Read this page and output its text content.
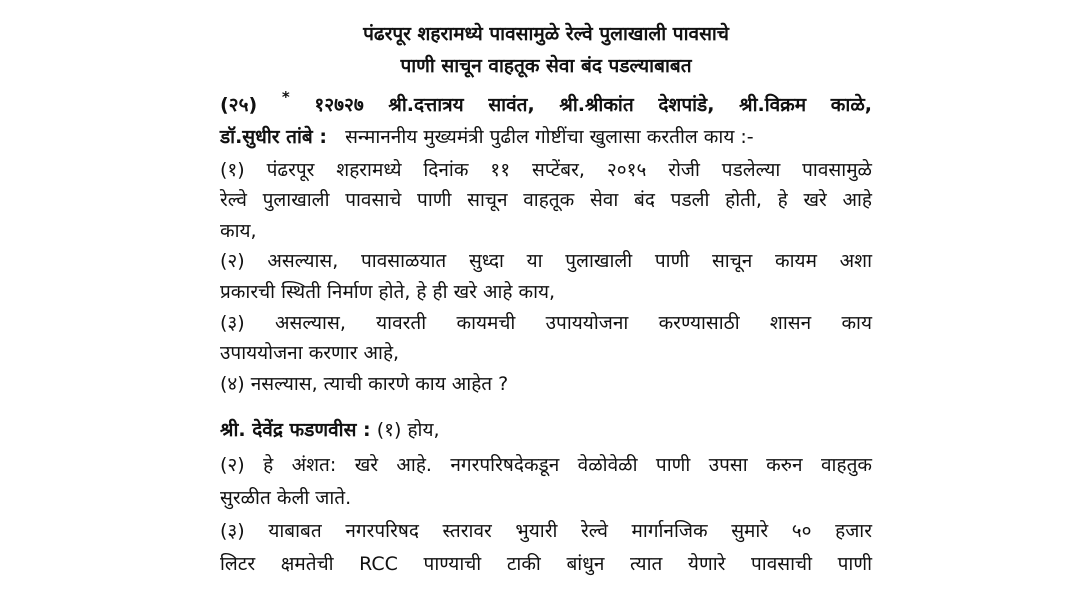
पंढरपूर शहरामध्ये पावसामुळे रेल्वे पुलाखाली पावसाचे

पाणी साचून वाहतूक सेवा बंद पडल्याबाबत

(२५) * १२७२७ श्री.दत्तात्रय सावंत, श्री.श्रीकांत देशपांडे, श्री.विक्रम काळे,

डॉ.सुधीर तांबे : सन्माननीय मुख्यमंत्री पुढील गोष्टींचा खुलासा करतील काय :-

(१) पंढरपूर शहरामध्ये दिनांक ११ सप्टेंबर, २०१५ रोजी पडलेल्या पावसामुळे

रेल्वे पुलाखाली पावसाचे पाणी साचून वाहतूक सेवा बंद पडली होती, हे खरे आहे

काय,

(२) असल्यास, पावसाळयात सुध्दा या पुलाखाली पाणी साचून कायम अशा

प्रकारची स्थिती निर्माण होते, हे ही खरे आहे काय,

(३) असल्यास, यावरती कायमची उपाययोजना करण्यासाठी शासन काय

उपाययोजना करणार आहे,

(४) नसल्यास, त्याची कारणे काय आहेत ?

श्री. देवेंद्र फडणवीस : (१) होय,

(२) हे अंशत: खरे आहे. नगरपरिषदेकडून वेळोवेळी पाणी उपसा करुन वाहतुक

सुरळीत केली जाते.

(३) याबाबत नगरपरिषद स्तरावर भुयारी रेल्वे मार्गानजिक सुमारे ५० हजार

लिटर क्षमतेची RCC पाण्याची टाकी बांधुन त्यात येणारे पावसाची पाणी
